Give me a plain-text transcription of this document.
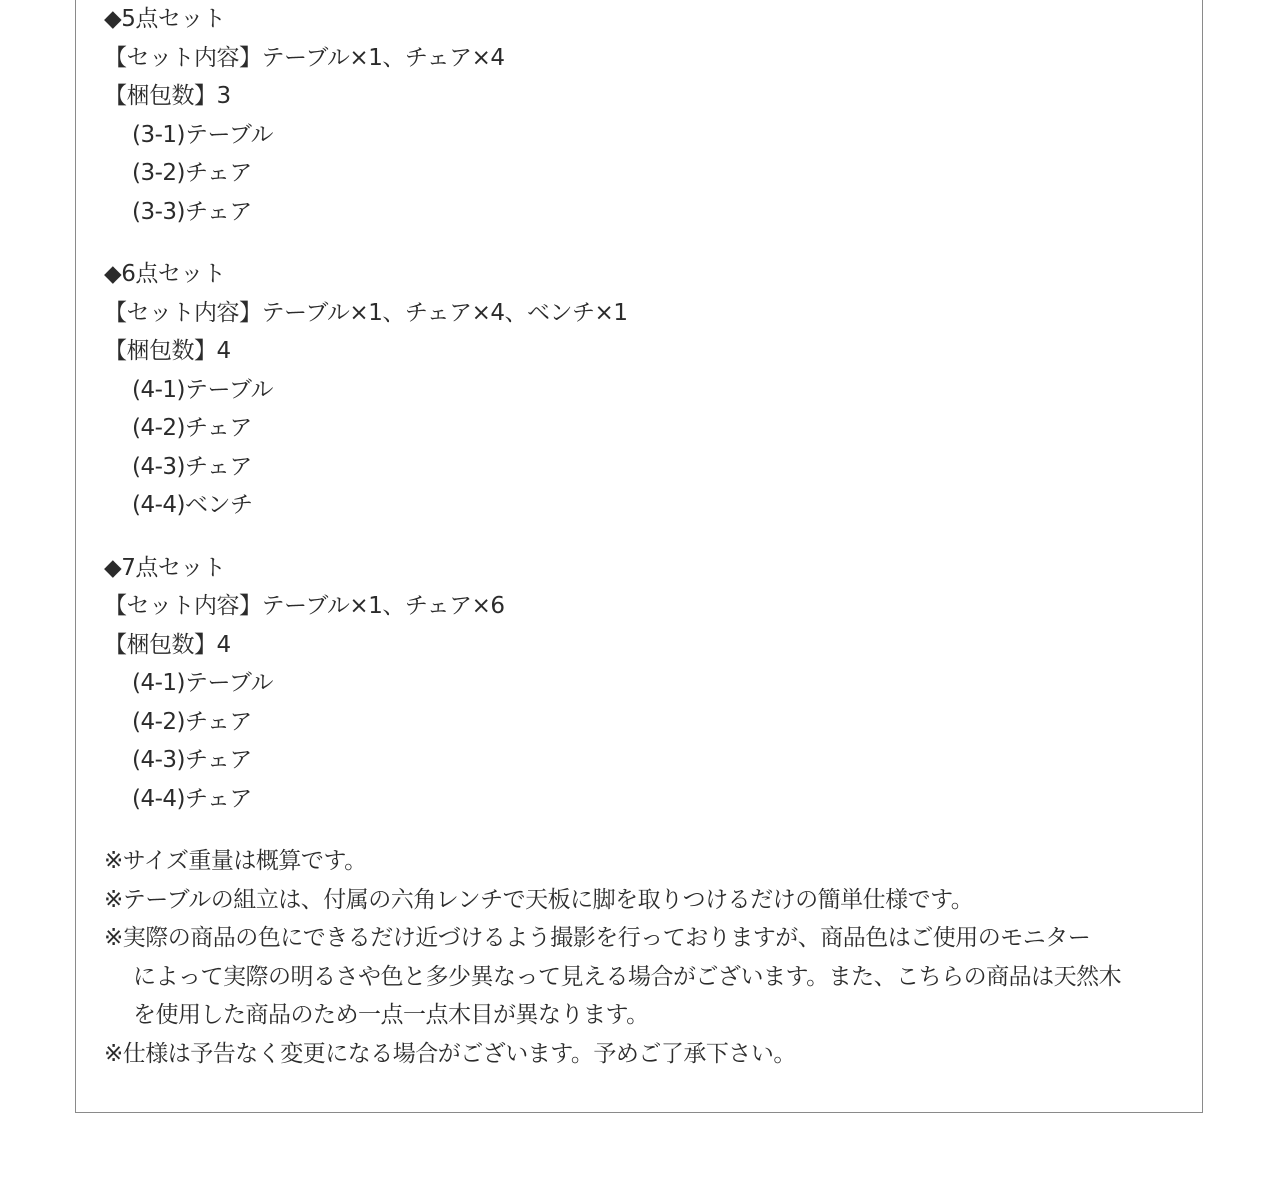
◆5点セット
【セット内容】テーブル×1、チェア×4
【梱包数】3
(3-1)テーブル
(3-2)チェア
(3-3)チェア
◆6点セット
【セット内容】テーブル×1、チェア×4、ベンチ×1
【梱包数】4
(4-1)テーブル
(4-2)チェア
(4-3)チェア
(4-4)ベンチ
◆7点セット
【セット内容】テーブル×1、チェア×6
【梱包数】4
(4-1)テーブル
(4-2)チェア
(4-3)チェア
(4-4)チェア
※サイズ重量は概算です。
※テーブルの組立は、付属の六角レンチで天板に脚を取りつけるだけの簡単仕様です。
※実際の商品の色にできるだけ近づけるよう撮影を行っておりますが、商品色はご使用のモニター
によって実際の明るさや色と多少異なって見える場合がございます。また、こちらの商品は天然木
を使用した商品のため一点一点木目が異なります。
※仕様は予告なく変更になる場合がございます。予めご了承下さい。
